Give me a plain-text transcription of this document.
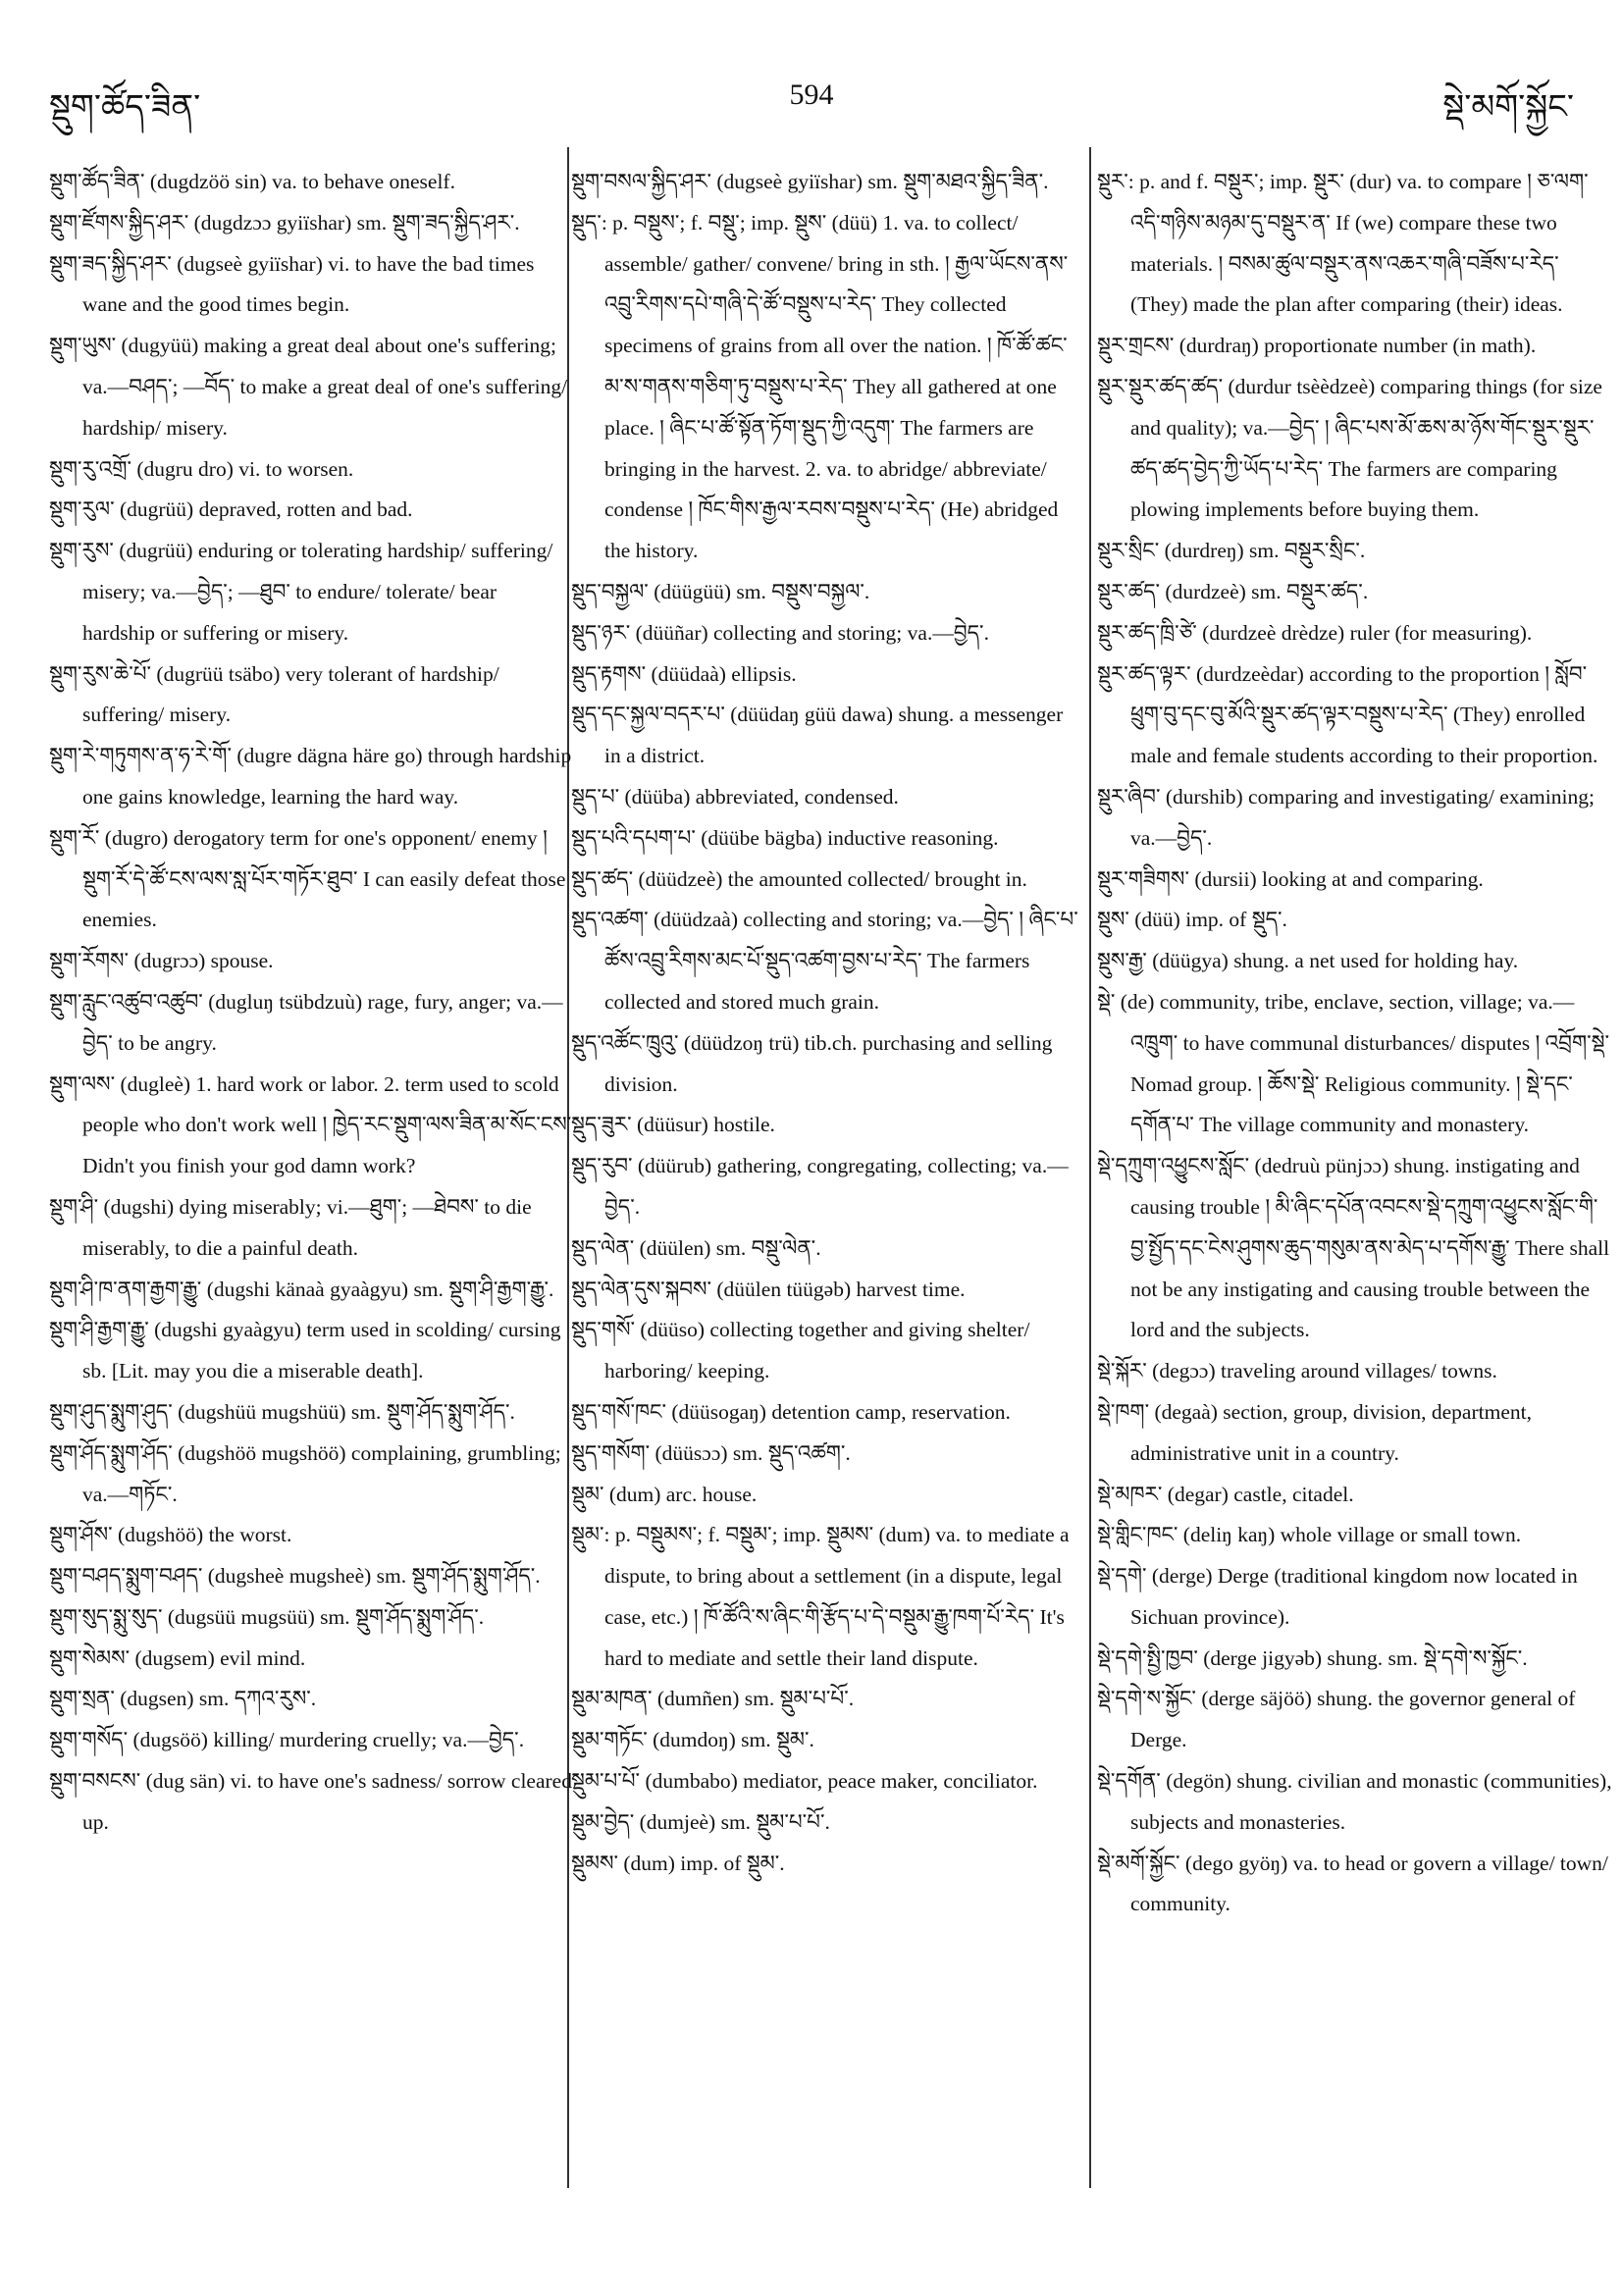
སྡུག་ཚོད་ཟིན་	594	སྡེ་མགོ་སྐྱོང་

སྡུག་ཚོད་ཟིན་ (dugdzöö sin) va. to behave oneself.

སྡུག་ཛོགས་སྐྱིད་ཤར་ (dugdzɔɔ gyiïshar) sm. སྡུག་ཟད་སྐྱིད་ཤར་.

སྡུག་ཟད་སྐྱིད་ཤར་ (dugseè gyiïshar) vi. to have the bad times wane and the good times begin.

སྡུག་ཡུས་ (dugyüü) making a great deal about one's suffering; va.—བཤད་; —བོད་ to make a great deal of one's suffering/ hardship/ misery.

སྡུག་རུ་འགྲོ་ (dugru dro) vi. to worsen.

སྡུག་རུལ་ (dugrüü) depraved, rotten and bad.

སྡུག་རུས་ (dugrüü) enduring or tolerating hardship/ suffering/ misery; va.—བྱེད་; —ཐུབ་ to endure/ tolerate/ bear hardship or suffering or misery.

སྡུག་རུས་ཆེ་པོ་ (dugrüü tsäbo) very tolerant of hardship/ suffering/ misery.

སྡུག་རེ་གཏུགས་ན་ཧ་རེ་གོ་ (dugre dägna häre go) through hardship one gains knowledge, learning the hard way.

སྡུག་རོ་ (dugro) derogatory term for one's opponent/ enemy ། སྡུག་རོ་དེ་ཚོ་ངས་ལས་སླ་པོར་གཏོར་ཐུབ་ I can easily defeat those enemies.

སྡུག་རོགས་ (dugrɔɔ) spouse.

སྡུག་རླུང་འཚུབ་འཚུབ་ (dugluŋ tsübdzuù) rage, fury, anger; va.—བྱེད་ to be angry.

སྡུག་ལས་ (dugleè) 1. hard work or labor. 2. term used to scold people who don't work well ། ཁྱེད་རང་སྡུག་ལས་ཟིན་མ་སོང་ངས་ Didn't you finish your god damn work?

སྡུག་ཤི་ (dugshi) dying miserably; vi.—ཐུག་; —ཐེབས་ to die miserably, to die a painful death.

སྡུག་ཤི་ཁ་ནག་རྒྱག་རྒྱུ་ (dugshi känaà gyaàgyu) sm. སྡུག་ཤི་རྒྱག་རྒྱུ་.

སྡུག་ཤི་རྒྱག་རྒྱུ་ (dugshi gyaàgyu) term used in scolding/ cursing sb. [Lit. may you die a miserable death].

སྡུག་ཤུད་སྨུག་ཤུད་ (dugshüü mugshüü) sm. སྡུག་ཤོད་སྨུག་ཤོད་.

སྡུག་ཤོད་སྨུག་ཤོད་ (dugshöö mugshöö) complaining, grumbling; va.—གཏོང་.

སྡུག་ཤོས་ (dugshöö) the worst.

སྡུག་བཤད་སྨུག་བཤད་ (dugsheè mugsheè) sm. སྡུག་ཤོད་སྨུག་ཤོད་.

སྡུག་སུད་སྨུ་སུད་ (dugsüü mugsüü) sm. སྡུག་ཤོད་སྨུག་ཤོད་.

སྡུག་སེམས་ (dugsem) evil mind.

སྡུག་སྲན་ (dugsen) sm. དཀའ་རུས་.

སྡུག་གསོད་ (dugsöö) killing/ murdering cruelly; va.—བྱེད་.

སྡུག་བསངས་ (dug sän) vi. to have one's sadness/ sorrow cleared up.

སྡུག་བསལ་སྐྱིད་ཤར་ (dugseè gyiïshar) sm. སྡུག་མཐའ་སྐྱིད་ཟིན་.

སྡུད་: p. བསྡུས་; f. བསྡུ་; imp. སྡུས་ (düü) 1. va. to collect/ assemble/ gather/ convene/ bring in sth. ། རྒྱལ་ཡོངས་ནས་འབྲུ་རིགས་དཔེ་གཞི་དེ་ཚོ་བསྡུས་པ་རེད་ They collected specimens of grains from all over the nation. ། ཁོ་ཚོ་ཚང་མ་ས་གནས་གཅིག་ཏུ་བསྡུས་པ་རེད་ They all gathered at one place. ། ཞིང་པ་ཚོ་སྟོན་ཏོག་སྡུད་ཀྱི་འདུག་ The farmers are bringing in the harvest. 2. va. to abridge/ abbreviate/ condense ། ཁོང་གིས་རྒྱལ་རབས་བསྡུས་པ་རེད་ (He) abridged the history.

སྡུད་བསྐྱལ་ (düügüü) sm. བསྡུས་བསྐྱལ་.

སྡུད་ཉར་ (düüñar) collecting and storing; va.—བྱེད་.

སྡུད་རྟགས་ (düüdaà) ellipsis.

སྡུད་དང་སྐྱལ་བདར་པ་ (düüdaŋ güü dawa) shung. a messenger in a district.

སྡུད་པ་ (düüba) abbreviated, condensed.

སྡུད་པའི་དཔག་པ་ (düübe bägba) inductive reasoning.

སྡུད་ཚད་ (düüdzeè) the amounted collected/ brought in.

སྡུད་འཚག་ (düüdzaà) collecting and storing; va.—བྱེད་ ། ཞིང་པ་ཚོས་འབྲུ་རིགས་མང་པོ་སྡུད་འཚག་བྱས་པ་རེད་ The farmers collected and stored much grain.

སྡུད་འཚོང་ཁྲུའུ་ (düüdzoŋ trü) tib.ch. purchasing and selling division.

སྡུད་ཟུར་ (düüsur) hostile.

སྡུད་རུབ་ (düürub) gathering, congregating, collecting; va.—བྱེད་.

སྡུད་ལེན་ (düülen) sm. བསྡུ་ལེན་.

སྡུད་ལེན་དུས་སྐབས་ (düülen tüügəb) harvest time.

སྡུད་གསོ་ (düüso) collecting together and giving shelter/ harboring/ keeping.

སྡུད་གསོ་ཁང་ (düüsogaŋ) detention camp, reservation.

སྡུད་གསོག་ (düüsɔɔ) sm. སྡུད་འཚག་.

སྡུམ་ (dum) arc. house.

སྡུམ་: p. བསྡུམས་; f. བསྡུམ་; imp. སྡུམས་ (dum) va. to mediate a dispute, to bring about a settlement (in a dispute, legal case, etc.) ། ཁོ་ཚོའི་ས་ཞིང་གི་རྩོད་པ་དེ་བསྡུམ་རྒྱུ་ཁག་པོ་རེད་ It's hard to mediate and settle their land dispute.

སྡུམ་མཁན་ (dumñen) sm. སྡུམ་པ་པོ་.

སྡུམ་གཏོང་ (dumdoŋ) sm. སྡུམ་.

སྡུམ་པ་པོ་ (dumbabo) mediator, peace maker, conciliator.

སྡུམ་བྱེད་ (dumjeè) sm. སྡུམ་པ་པོ་.

སྡུམས་ (dum) imp. of སྡུམ་.

སྡུར་: p. and f. བསྡུར་; imp. སྡུར་ (dur) va. to compare ། ཅ་ལག་འདི་གཉིས་མཉམ་དུ་བསྡུར་ན་ If (we) compare these two materials. ། བསམ་ཚུལ་བསྡུར་ནས་འཆར་གཞི་བཟོས་པ་རེད་ (They) made the plan after comparing (their) ideas.

སྡུར་གྲངས་ (durdraŋ) proportionate number (in math).

སྡུར་སྡུར་ཚད་ཚད་ (durdur tsèèdzeè) comparing things (for size and quality); va.—བྱེད་ ། ཞིང་པས་མོ་ཆས་མ་ཉོས་གོང་སྡུར་སྡུར་ཚད་ཚད་བྱེད་ཀྱི་ཡོད་པ་རེད་ The farmers are comparing plowing implements before buying them.

སྡུར་སྲིང་ (durdreŋ) sm. བསྡུར་སྲིང་.

སྡུར་ཚད་ (durdzeè) sm. བསྡུར་ཚད་.

སྡུར་ཚད་ཁྲི་ཙེ་ (durdzeè drèdze) ruler (for measuring).

སྡུར་ཚད་ལྟར་ (durdzeèdar) according to the proportion ། སློབ་ཕྲུག་བུ་དང་བུ་མོའི་སྡུར་ཚད་ལྟར་བསྡུས་པ་རེད་ (They) enrolled male and female students according to their proportion.

སྡུར་ཞིབ་ (durshib) comparing and investigating/ examining; va.—བྱེད་.

སྡུར་གཟིགས་ (dursii) looking at and comparing.

སྡུས་ (düü) imp. of སྡུད་.

སྡུས་རྒྱ་ (düügya) shung. a net used for holding hay.

སྡེ་ (de) community, tribe, enclave, section, village; va.—འཁྲུག་ to have communal disturbances/ disputes ། འབྲོག་སྡེ་ Nomad group. ། ཆོས་སྡེ་ Religious community. ། སྡེ་དང་དགོན་པ་ The village community and monastery.

སྡེ་དཀྲུག་འཕྱུངས་སློང་ (dedruù pünjɔɔ) shung. instigating and causing trouble ། མི་ཞིང་དཔོན་འབངས་སྡེ་དཀྲུག་འཕྱུངས་སློང་གི་བྱ་སྤྱོད་དང་ངེས་ཤུགས་ཆུད་གསུམ་ནས་མེད་པ་དགོས་རྒྱུ་ There shall not be any instigating and causing trouble between the lord and the subjects.

སྡེ་སྐོར་ (degɔɔ) traveling around villages/ towns.

སྡེ་ཁག་ (degaà) section, group, division, department, administrative unit in a country.

སྡེ་མཁར་ (degar) castle, citadel.

སྡེ་གླིང་ཁང་ (deliŋ kaŋ) whole village or small town.

སྡེ་དགེ་ (derge) Derge (traditional kingdom now located in Sichuan province).

སྡེ་དགེ་སྤྱི་ཁྱབ་ (derge jigyəb) shung. sm. སྡེ་དགེ་ས་སྐྱོང་.

སྡེ་དགེ་ས་སྐྱོང་ (derge säjöö) shung. the governor general of Derge.

སྡེ་དགོན་ (degön) shung. civilian and monastic (communities), subjects and monasteries.

སྡེ་མགོ་སྐྱོང་ (dego gyöŋ) va. to head or govern a village/ town/ community.
